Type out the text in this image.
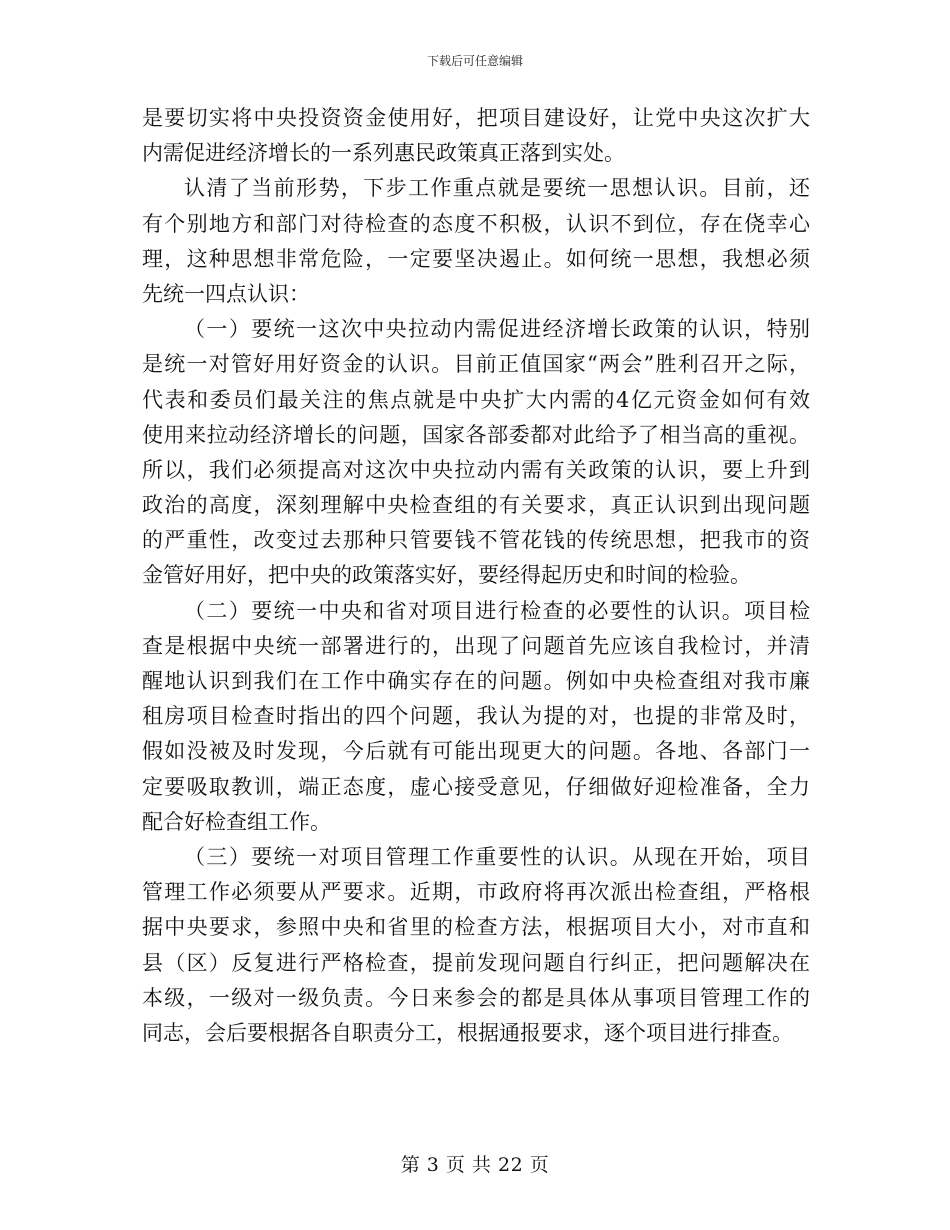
下载后可任意编辑
是要切实将中央投资资金使用好，把项目建设好，让党中央这次扩大
内需促进经济增长的一系列惠民政策真正落到实处。
认清了当前形势，下步工作重点就是要统一思想认识。目前，还
有个别地方和部门对待检查的态度不积极，认识不到位，存在侥幸心
理，这种思想非常危险，一定要坚决遏止。如何统一思想，我想必须
先统一四点认识：
（一）要统一这次中央拉动内需促进经济增长政策的认识，特别
是统一对管好用好资金的认识。目前正值国家“两会”胜利召开之际，
代表和委员们最关注的焦点就是中央扩大内需的4亿元资金如何有效
使用来拉动经济增长的问题，国家各部委都对此给予了相当高的重视。
所以，我们必须提高对这次中央拉动内需有关政策的认识，要上升到
政治的高度，深刻理解中央检查组的有关要求，真正认识到出现问题
的严重性，改变过去那种只管要钱不管花钱的传统思想，把我市的资
金管好用好，把中央的政策落实好，要经得起历史和时间的检验。
（二）要统一中央和省对项目进行检查的必要性的认识。项目检
查是根据中央统一部署进行的，出现了问题首先应该自我检讨，并清
醒地认识到我们在工作中确实存在的问题。例如中央检查组对我市廉
租房项目检查时指出的四个问题，我认为提的对，也提的非常及时，
假如没被及时发现，今后就有可能出现更大的问题。各地、各部门一
定要吸取教训，端正态度，虚心接受意见，仔细做好迎检准备，全力
配合好检查组工作。
（三）要统一对项目管理工作重要性的认识。从现在开始，项目
管理工作必须要从严要求。近期，市政府将再次派出检查组，严格根
据中央要求，参照中央和省里的检查方法，根据项目大小，对市直和
县（区）反复进行严格检查，提前发现问题自行纠正，把问题解决在
本级，一级对一级负责。今日来参会的都是具体从事项目管理工作的
同志，会后要根据各自职责分工，根据通报要求，逐个项目进行排查。
第 3 页 共 22 页
